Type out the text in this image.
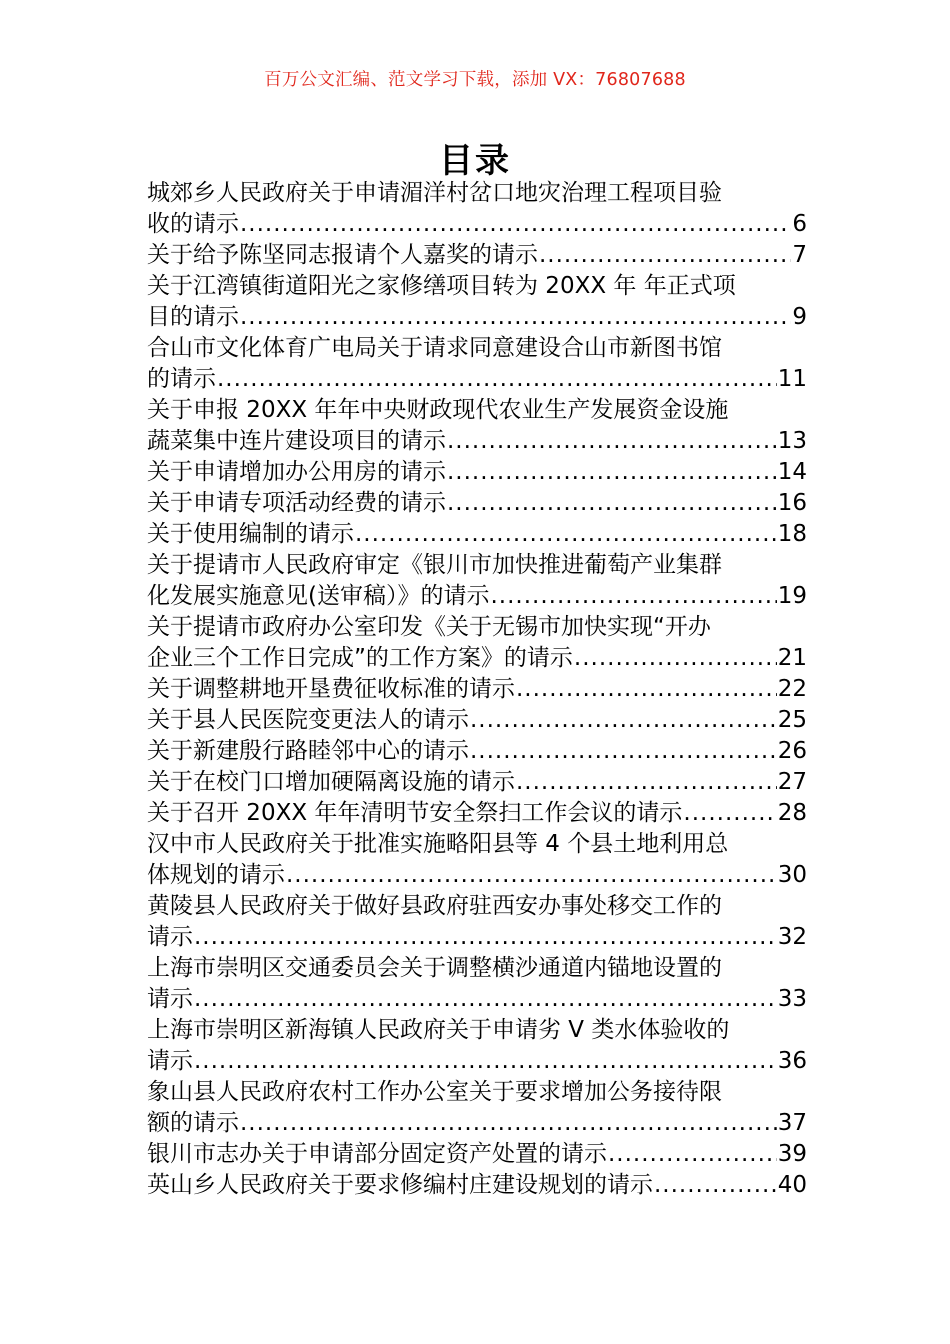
百万公文汇编、范文学习下载，添加 VX：76807688
目录
城郊乡人民政府关于申请湄洋村岔口地灾治理工程项目验
收的请示 .....	6
关于给予陈坚同志报请个人嘉奖的请示 .....	7
关于江湾镇街道阳光之家修缮项目转为 20XX 年 年正式项
目的请示 .....	9
合山市文化体育广电局关于请求同意建设合山市新图书馆
的请示 .....	11
关于申报 20XX 年年中央财政现代农业生产发展资金设施
蔬菜集中连片建设项目的请示 .....	13
关于申请增加办公用房的请示 .....	14
关于申请专项活动经费的请示 .....	16
关于使用编制的请示 .....	18
关于提请市人民政府审定《银川市加快推进葡萄产业集群
化发展实施意见(送审稿）》的请示 .....	19
关于提请市政府办公室印发《关于无锡市加快实现“开办
企业三个工作日完成”的工作方案》的请示 .....	21
关于调整耕地开垦费征收标准的请示 .....	22
关于县人民医院变更法人的请示 .....	25
关于新建殷行路睦邻中心的请示 .....	26
关于在校门口增加硬隔离设施的请示 .....	27
关于召开 20XX 年年清明节安全祭扫工作会议的请示 .....	28
汉中市人民政府关于批准实施略阳县等 4 个县土地利用总
体规划的请示 .....	30
黄陵县人民政府关于做好县政府驻西安办事处移交工作的
请示 .....	32
上海市崇明区交通委员会关于调整横沙通道内锚地设置的
请示 .....	33
上海市崇明区新海镇人民政府关于申请劣 V 类水体验收的
请示 .....	36
象山县人民政府农村工作办公室关于要求增加公务接待限
额的请示 .....	37
银川市志办关于申请部分固定资产处置的请示 .....	39
英山乡人民政府关于要求修编村庄建设规划的请示 .....	40
